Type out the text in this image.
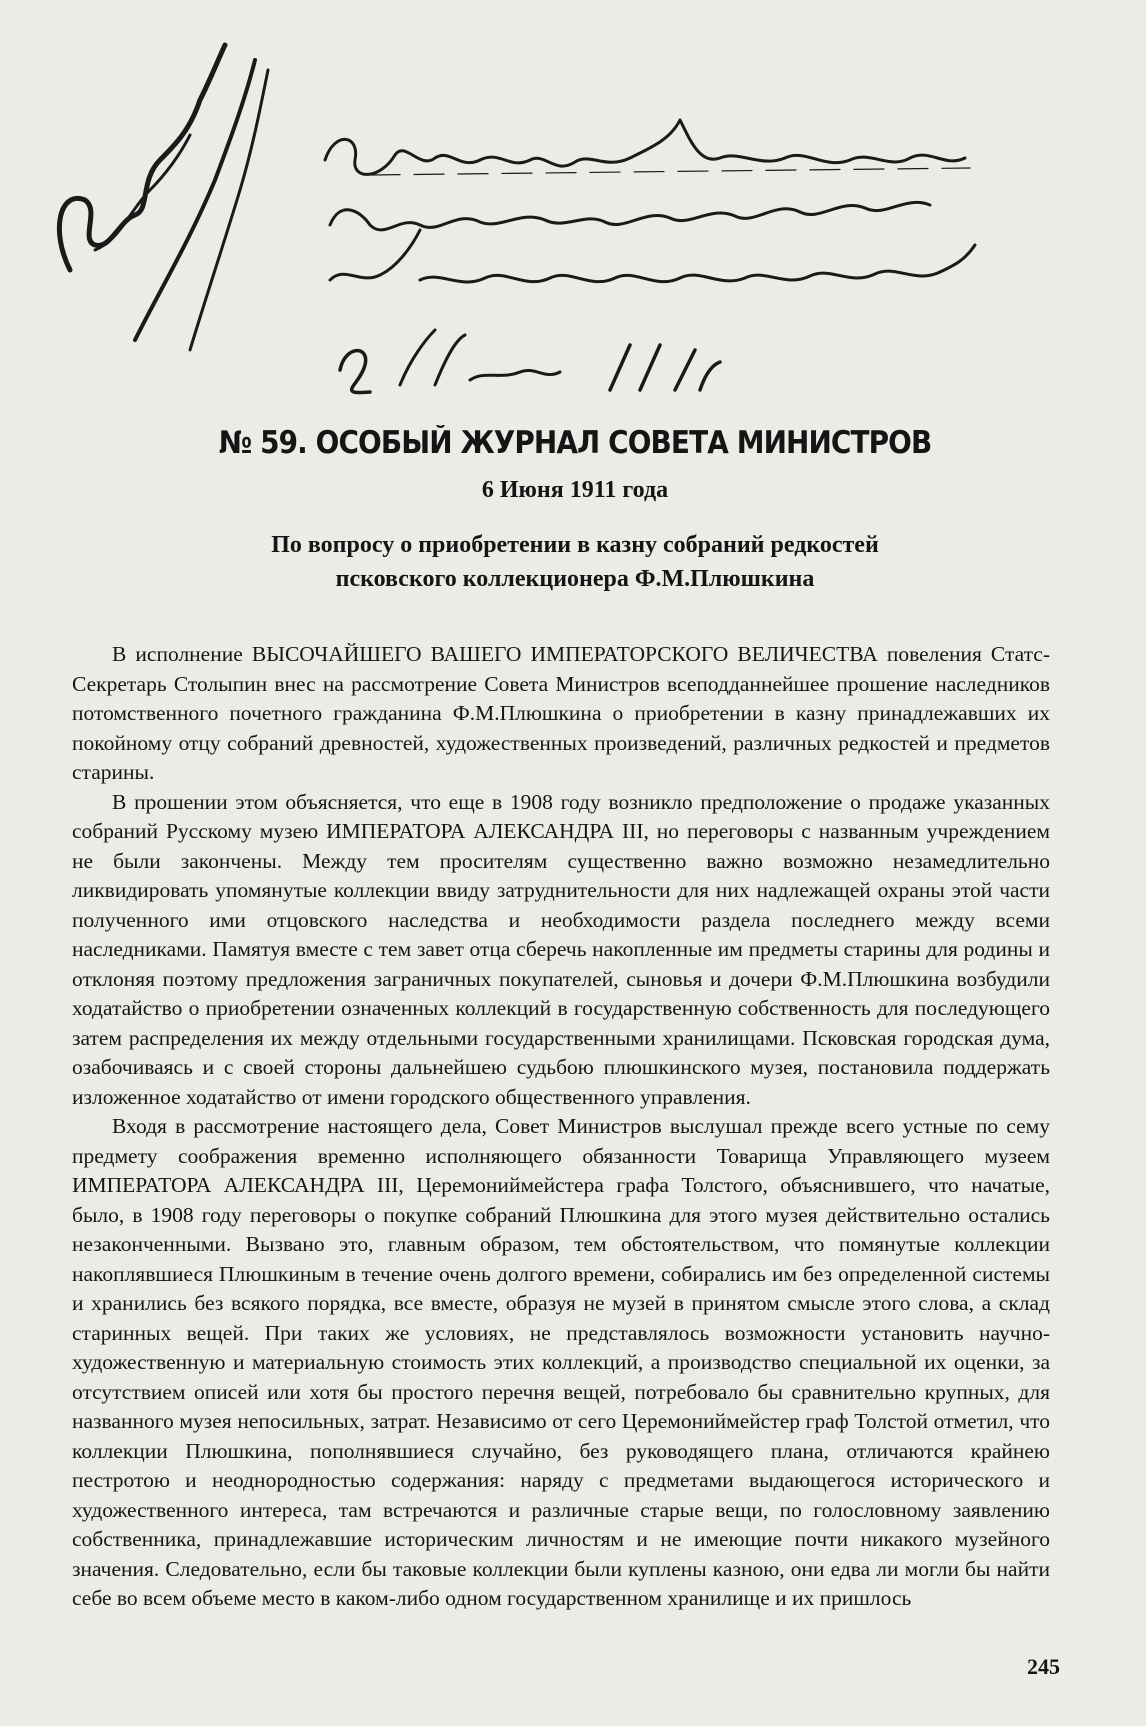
№ 59. ОСОБЫЙ ЖУРНАЛ СОВЕТА МИНИСТРОВ

6 Июня 1911 года

По вопросу о приобретении в казну собраний редкостей
псковского коллекционера Ф.М.Плюшкина

В исполнение ВЫСОЧАЙШЕГО ВАШЕГО ИМПЕРАТОРСКОГО ВЕЛИЧЕСТВА повеления Статс-Секретарь Столыпин внес на рассмотрение Совета Министров всеподданнейшее прошение наследников потомственного почетного гражданина Ф.М.Плюшкина о приобретении в казну принадлежавших их покойному отцу собраний древностей, художественных произведений, различных редкостей и предметов старины.

В прошении этом объясняется, что еще в 1908 году возникло предположение о продаже указанных собраний Русскому музею ИМПЕРАТОРА АЛЕКСАНДРА III, но переговоры с названным учреждением не были закончены. Между тем просителям существенно важно возможно незамедлительно ликвидировать упомянутые коллекции ввиду затруднительности для них надлежащей охраны этой части полученного ими отцовского наследства и необходимости раздела последнего между всеми наследниками. Памятуя вместе с тем завет отца сберечь накопленные им предметы старины для родины и отклоняя поэтому предложения заграничных покупателей, сыновья и дочери Ф.М.Плюшкина возбудили ходатайство о приобретении означенных коллекций в государственную собственность для последующего затем распределения их между отдельными государственными хранилищами. Псковская городская дума, озабочиваясь и с своей стороны дальнейшею судьбою плюшкинского музея, постановила поддержать изложенное ходатайство от имени городского общественного управления.

Входя в рассмотрение настоящего дела, Совет Министров выслушал прежде всего устные по сему предмету соображения временно исполняющего обязанности Товарища Управляющего музеем ИМПЕРАТОРА АЛЕКСАНДРА III, Церемониймейстера графа Толстого, объяснившего, что начатые, было, в 1908 году переговоры о покупке собраний Плюшкина для этого музея действительно остались незаконченными. Вызвано это, главным образом, тем обстоятельством, что помянутые коллекции накоплявшиеся Плюшкиным в течение очень долгого времени, собирались им без определенной системы и хранились без всякого порядка, все вместе, образуя не музей в принятом смысле этого слова, а склад старинных вещей. При таких же условиях, не представлялось возможности установить научно-художественную и материальную стоимость этих коллекций, а производство специальной их оценки, за отсутствием описей или хотя бы простого перечня вещей, потребовало бы сравнительно крупных, для названного музея непосильных, затрат. Независимо от сего Церемониймейстер граф Толстой отметил, что коллекции Плюшкина, пополнявшиеся случайно, без руководящего плана, отличаются крайнею пестротою и неоднородностью содержания: наряду с предметами выдающегося исторического и художественного интереса, там встречаются и различные старые вещи, по голословному заявлению собственника, принадлежавшие историческим личностям и не имеющие почти никакого музейного значения. Следовательно, если бы таковые коллекции были куплены казною, они едва ли могли бы найти себе во всем объеме место в каком-либо одном государственном хранилище и их пришлось

245
